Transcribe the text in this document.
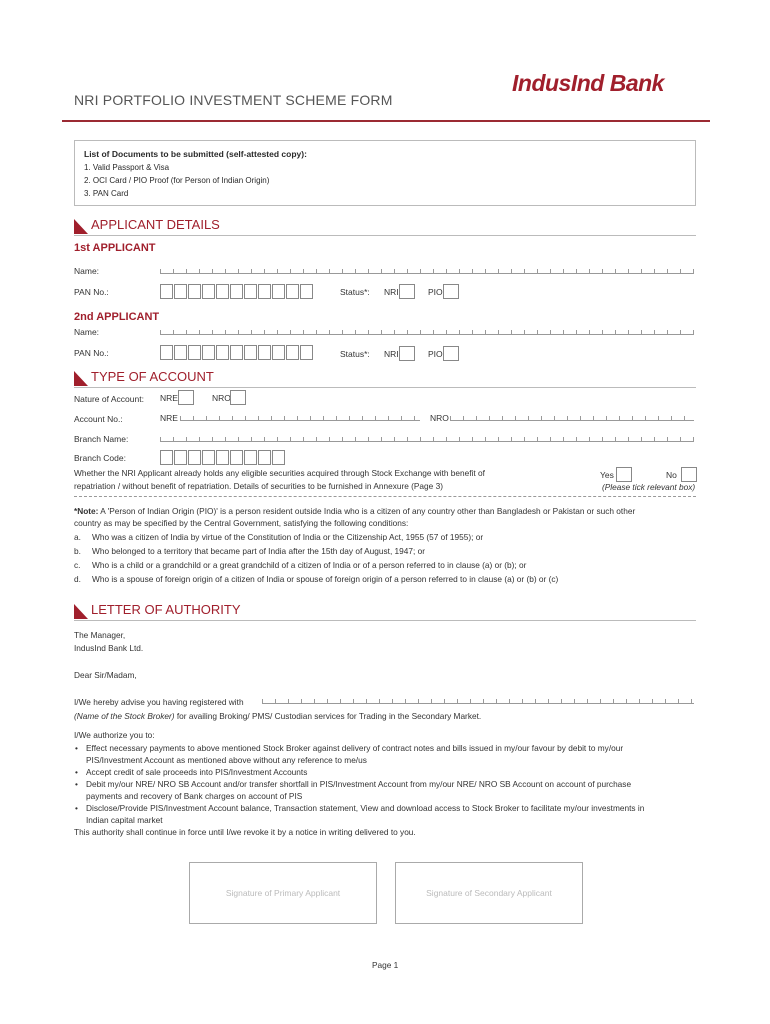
IndusInd Bank
NRI PORTFOLIO INVESTMENT SCHEME FORM
List of Documents to be submitted (self-attested copy):
1. Valid Passport & Visa
2. OCI Card / PIO Proof (for Person of Indian Origin)
3. PAN Card
APPLICANT DETAILS
1st APPLICANT
Name:
PAN No.:	Status*: NRI	PIO
2nd APPLICANT
Name:
PAN No.:	Status*: NRI	PIO
TYPE OF ACCOUNT
Nature of Account: NRE	NRO
Account No.:	NRE	NRO
Branch Name:
Branch Code:
Whether the NRI Applicant already holds any eligible securities acquired through Stock Exchange with benefit of
repatriation / without benefit of repatriation. Details of securities to be furnished in Annexure (Page 3)
Yes	No
(Please tick relevant box)
*Note: A 'Person of Indian Origin (PIO)' is a person resident outside India who is a citizen of any country other than Bangladesh or Pakistan or such other
country as may be specified by the Central Government, satisfying the following conditions:
a. Who was a citizen of India by virtue of the Constitution of India or the Citizenship Act, 1955 (57 of 1955); or
b. Who belonged to a territory that became part of India after the 15th day of August, 1947; or
c. Who is a child or a grandchild or a great grandchild of a citizen of India or of a person referred to in clause (a) or (b); or
d. Who is a spouse of foreign origin of a citizen of India or spouse of foreign origin of a person referred to in clause (a) or (b) or (c)
LETTER OF AUTHORITY
The Manager,
IndusInd Bank Ltd.
Dear Sir/Madam,
I/We hereby advise you having registered with
(Name of the Stock Broker) for availing Broking/ PMS/ Custodian services for Trading in the Secondary Market.
I/We authorize you to:
• Effect necessary payments to above mentioned Stock Broker against delivery of contract notes and bills issued in my/our favour by debit to my/our
PIS/Investment Account as mentioned above without any reference to me/us
• Accept credit of sale proceeds into PIS/Investment Accounts
• Debit my/our NRE/ NRO SB Account and/or transfer shortfall in PIS/Investment Account from my/our NRE/ NRO SB Account on account of purchase
payments and recovery of Bank charges on account of PIS
• Disclose/Provide PIS/Investment Account balance, Transaction statement, View and download access to Stock Broker to facilitate my/our investments in
Indian capital market
This authority shall continue in force until I/we revoke it by a notice in writing delivered to you.
Signature of Primary Applicant	Signature of Secondary Applicant
Page 1
